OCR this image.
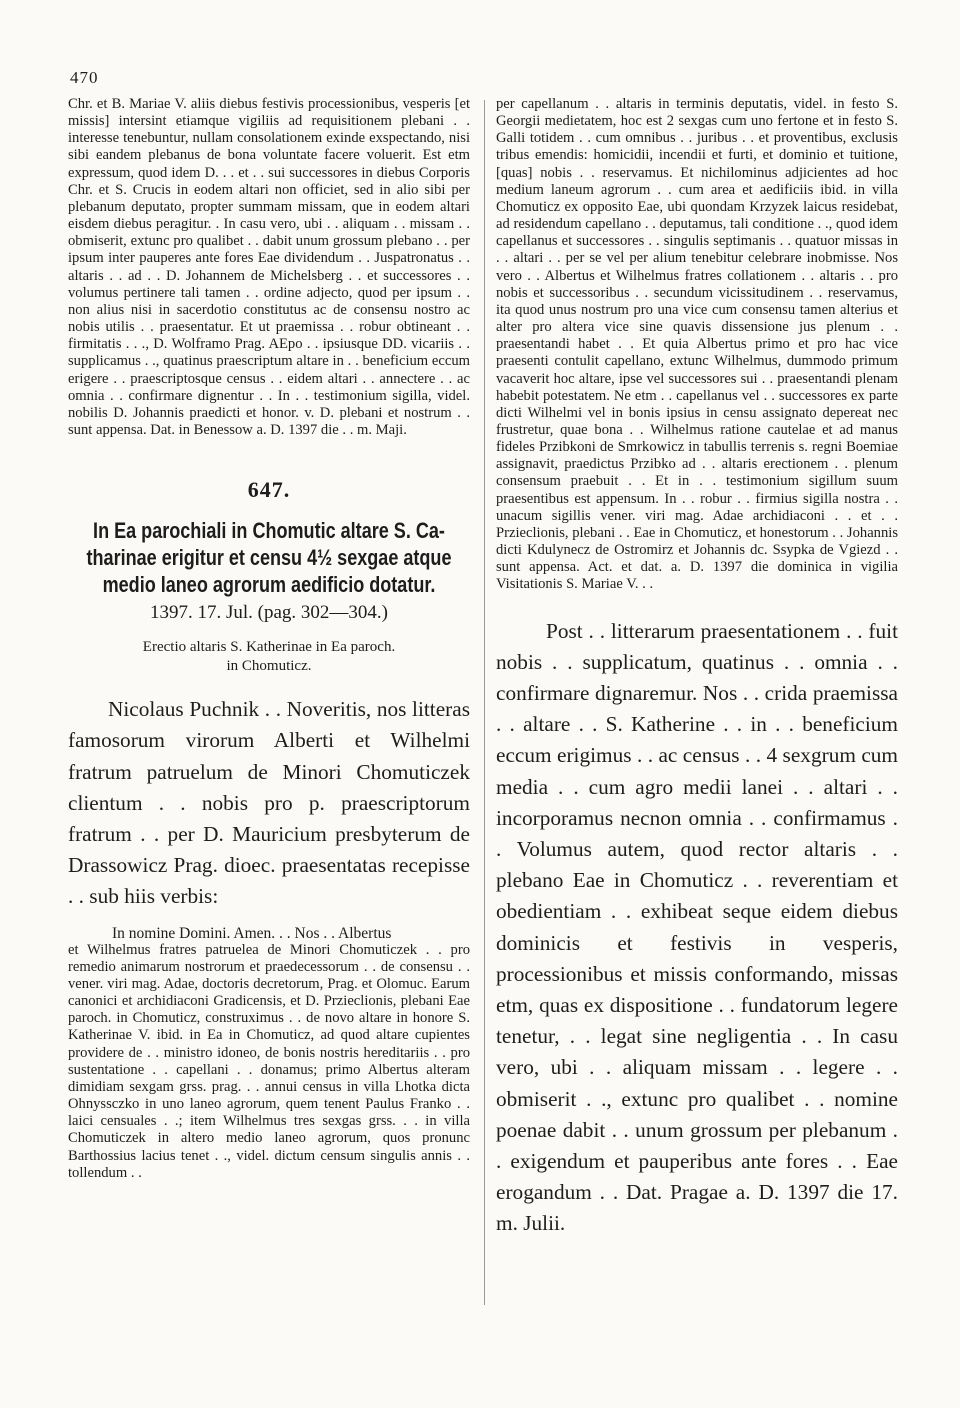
470

Chr. et B. Mariae V. aliis diebus festivis processionibus, vesperis [et missis] intersint etiamque vigiliis ad requisitionem plebani . . interesse tenebuntur, nullam consolationem exinde exspectando, nisi sibi eandem plebanus de bona voluntate facere voluerit. Est etm expressum, quod idem D. . . et . . sui successores in diebus Corporis Chr. et S. Crucis in eodem altari non officiet, sed in alio sibi per plebanum deputato, propter summam missam, que in eodem altari eisdem diebus peragitur. . In casu vero, ubi . . aliquam . . missam . . obmiserit, extunc pro qualibet . . dabit unum grossum plebano . . per ipsum inter pauperes ante fores Eae dividendum . . Juspatronatus . . altaris . . ad . . D. Johannem de Michelsberg . . et successores . . volumus pertinere tali tamen . . ordine adjecto, quod per ipsum . . non alius nisi in sacerdotio constitutus ac de consensu nostro ac nobis utilis . . praesentatur. Et ut praemissa . . robur obtineant . . firmitatis . . ., D. Wolframo Prag. AEpo . . ipsiusque DD. vicariis . . supplicamus . ., quatinus praescriptum altare in . . beneficium eccum erigere . . praescriptosque census . . eidem altari . . annectere . . ac omnia . . confirmare dignentur . . In . . testimonium sigilla, videl. nobilis D. Johannis praedicti et honor. v. D. plebani et nostrum . . sunt appensa. Dat. in Benessow a. D. 1397 die . . m. Maji.

647.
In Ea parochiali in Chomutic altare S. Catharinae erigitur et censu 4½ sexgae atque medio laneo agrorum aedificio dotatur.
1397. 17. Jul. (pag. 302—304.)
Erectio altaris S. Katherinae in Ea paroch.
in Chomuticz.

Nicolaus Puchnik . . Noveritis, nos litteras famosorum virorum Alberti et Wilhelmi fratrum patruelum de Minori Chomuticzek clientum . . nobis pro p. praescriptorum fratrum . . per D. Mauricium presbyterum de Drassowicz Prag. dioec. praesentatas recepisse . . sub hiis verbis:

In nomine Domini. Amen. . . Nos . . Albertus

et Wilhelmus fratres patruelea de Minori Chomuticzek . . pro remedio animarum nostrorum et praedecessorum . . de consensu . . vener. viri mag. Adae, doctoris decretorum, Prag. et Olomuc. Earum canonici et archidiaconi Gradicensis, et D. Przieclionis, plebani Eae paroch. in Chomuticz, construximus . . de novo altare in honore S. Katherinae V. ibid. in Ea in Chomuticz, ad quod altare cupientes providere de . . ministro idoneo, de bonis nostris hereditariis . . pro sustentatione . . capellani . . donamus; primo Albertus alteram dimidiam sexgam grss. prag. . . annui census in villa Lhotka dicta Ohnyssczko in uno laneo agrorum, quem tenent Paulus Franko . . laici censuales . .; item Wilhelmus tres sexgas grss. . . in villa Chomuticzek in altero medio laneo agrorum, quos pronunc Barthossius lacius tenet . ., videl. dictum censum singulis annis . . tollendum . .

per capellanum . . altaris in terminis deputatis, videl. in festo S. Georgii medietatem, hoc est 2 sexgas cum uno fertone et in festo S. Galli totidem . . cum omnibus . . juribus . . et proventibus, exclusis tribus emendis: homicidii, incendii et furti, et dominio et tuitione, [quas] nobis . . reservamus. Et nichilominus adjicientes ad hoc medium laneum agrorum . . cum area et aedificiis ibid. in villa Chomuticz ex opposito Eae, ubi quondam Krzyzek laicus residebat, ad residendum capellano . . deputamus, tali conditione . ., quod idem capellanus et successores . . singulis septimanis . . quatuor missas in . . altari . . per se vel per alium tenebitur celebrare inobmisse. Nos vero . . Albertus et Wilhelmus fratres collationem . . altaris . . pro nobis et successoribus . . secundum vicissitudinem . . reservamus, ita quod unus nostrum pro una vice cum consensu tamen alterius et alter pro altera vice sine quavis dissensione jus plenum . . praesentandi habet . . Et quia Albertus primo et pro hac vice praesenti contulit capellano, extunc Wilhelmus, dummodo primum vacaverit hoc altare, ipse vel successores sui . . praesentandi plenam habebit potestatem. Ne etm . . capellanus vel . . successores ex parte dicti Wilhelmi vel in bonis ipsius in censu assignato depereat nec frustretur, quae bona . . Wilhelmus ratione cautelae et ad manus fideles Przibkoni de Smrkowicz in tabullis terrenis s. regni Boemiae assignavit, praedictus Przibko ad . . altaris erectionem . . plenum consensum praebuit . . Et in . . testimonium sigillum suum praesentibus est appensum. In . . robur . . firmius sigilla nostra . . unacum sigillis vener. viri mag. Adae archidiaconi . . et . . Przieclionis, plebani . . Eae in Chomuticz, et honestorum . . Johannis dicti Kdulynecz de Ostromirz et Johannis dc. Ssypka de Vgiezd . . sunt appensa. Act. et dat. a. D. 1397 die dominica in vigilia Visitationis S. Mariae V. . .

Post . . litterarum praesentationem . . fuit nobis . . supplicatum, quatinus . . omnia . . confirmare dignaremur. Nos . . crida praemissa . . altare . . S. Katherine . . in . . beneficium eccum erigimus . . ac census . . 4 sexgrum cum media . . cum agro medii lanei . . altari . . incorporamus necnon omnia . . confirmamus . . Volumus autem, quod rector altaris . . plebano Eae in Chomuticz . . reverentiam et obedientiam . . exhibeat seque eidem diebus dominicis et festivis in vesperis, processionibus et missis conformando, missas etm, quas ex dispositione . . fundatorum legere tenetur, . . legat sine negligentia . . In casu vero, ubi . . aliquam missam . . legere . . obmiserit . ., extunc pro qualibet . . nomine poenae dabit . . unum grossum per plebanum . . exigendum et pauperibus ante fores . . Eae erogandum . . Dat. Pragae a. D. 1397 die 17. m. Julii.
